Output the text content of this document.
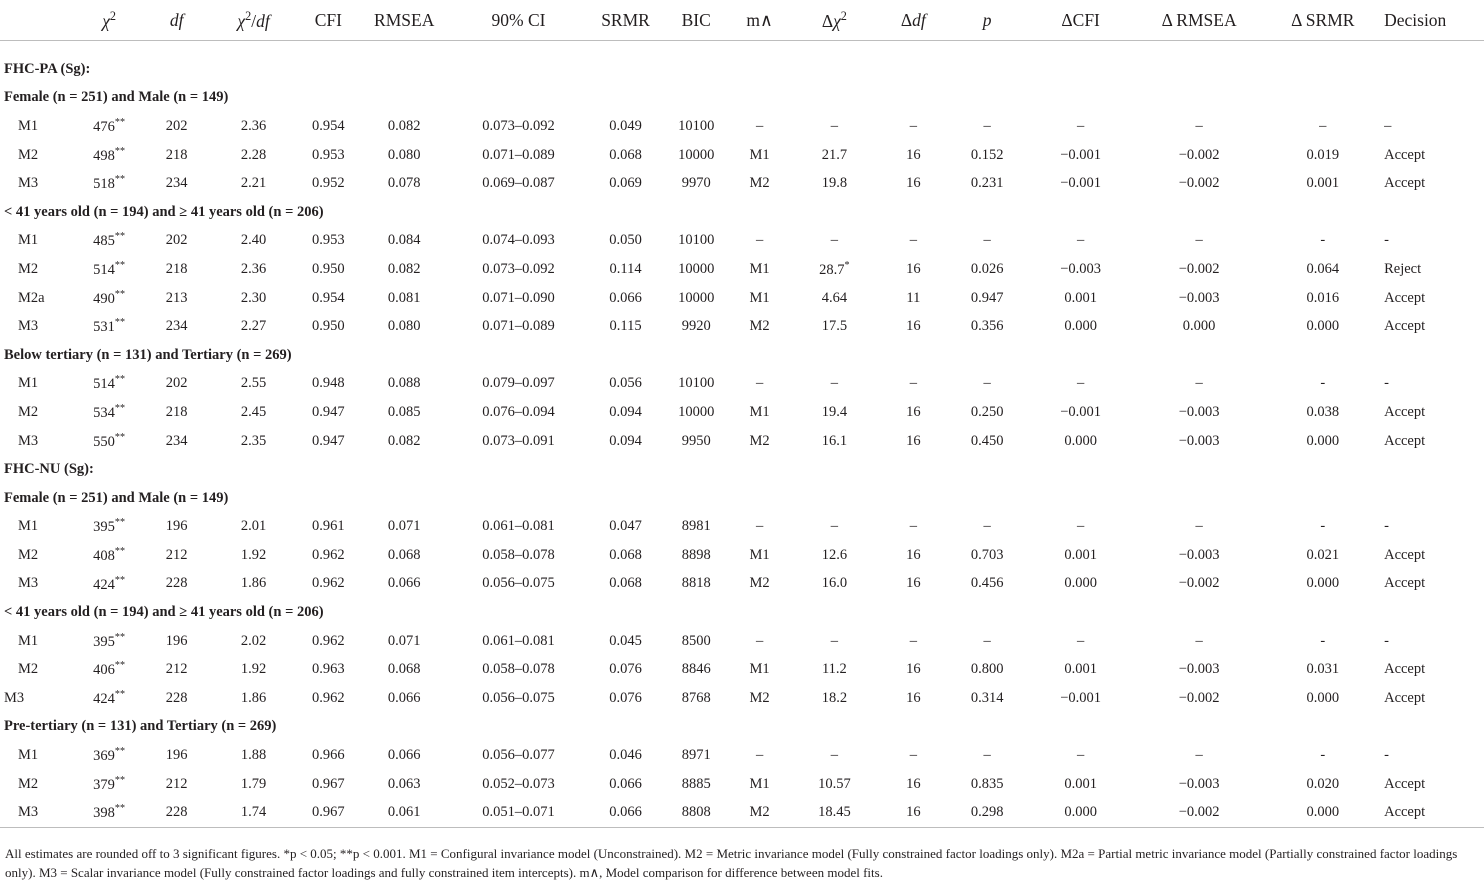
	$\chi^2$	df	$\chi^2/df$	CFI	RMSEA	90% CI	SRMR	BIC	m∧	$\Delta\chi^2$	Δdf	p	ΔCFI	Δ RMSEA	Δ SRMR	Decision

FHC-PA (Sg):																
Female (n = 251) and Male (n = 149)																
M1	476**	202	2.36	0.954	0.082	0.073–0.092	0.049	10100	–	–	–	–	–	–	–	–
M2	498**	218	2.28	0.953	0.080	0.071–0.089	0.068	10000	M1	21.7	16	0.152	−0.001	−0.002	0.019	Accept
M3	518**	234	2.21	0.952	0.078	0.069–0.087	0.069	9970	M2	19.8	16	0.231	−0.001	−0.002	0.001	Accept
< 41 years old (n = 194) and ≥ 41 years old (n = 206)																
M1	485**	202	2.40	0.953	0.084	0.074–0.093	0.050	10100	–	–	–	–	–	–	-	-
M2	514**	218	2.36	0.950	0.082	0.073–0.092	0.114	10000	M1	28.7*	16	0.026	−0.003	−0.002	0.064	Reject
M2a	490**	213	2.30	0.954	0.081	0.071–0.090	0.066	10000	M1	4.64	11	0.947	0.001	−0.003	0.016	Accept
M3	531**	234	2.27	0.950	0.080	0.071–0.089	0.115	9920	M2	17.5	16	0.356	0.000	0.000	0.000	Accept
Below tertiary (n = 131) and Tertiary (n = 269)																
M1	514**	202	2.55	0.948	0.088	0.079–0.097	0.056	10100	–	–	–	–	–	–	-	-
M2	534**	218	2.45	0.947	0.085	0.076–0.094	0.094	10000	M1	19.4	16	0.250	−0.001	−0.003	0.038	Accept
M3	550**	234	2.35	0.947	0.082	0.073–0.091	0.094	9950	M2	16.1	16	0.450	0.000	−0.003	0.000	Accept
FHC-NU (Sg):																
Female (n = 251) and Male (n = 149)																
M1	395**	196	2.01	0.961	0.071	0.061–0.081	0.047	8981	–	–	–	–	–	–	-	-
M2	408**	212	1.92	0.962	0.068	0.058–0.078	0.068	8898	M1	12.6	16	0.703	0.001	−0.003	0.021	Accept
M3	424**	228	1.86	0.962	0.066	0.056–0.075	0.068	8818	M2	16.0	16	0.456	0.000	−0.002	0.000	Accept
< 41 years old (n = 194) and ≥ 41 years old (n = 206)																
M1	395**	196	2.02	0.962	0.071	0.061–0.081	0.045	8500	–	–	–	–	–	–	-	-
M2	406**	212	1.92	0.963	0.068	0.058–0.078	0.076	8846	M1	11.2	16	0.800	0.001	−0.003	0.031	Accept
M3	424**	228	1.86	0.962	0.066	0.056–0.075	0.076	8768	M2	18.2	16	0.314	−0.001	−0.002	0.000	Accept
Pre-tertiary (n = 131) and Tertiary (n = 269)																
M1	369**	196	1.88	0.966	0.066	0.056–0.077	0.046	8971	–	–	–	–	–	–	-	-
M2	379**	212	1.79	0.967	0.063	0.052–0.073	0.066	8885	M1	10.57	16	0.835	0.001	−0.003	0.020	Accept
M3	398**	228	1.74	0.967	0.061	0.051–0.071	0.066	8808	M2	18.45	16	0.298	0.000	−0.002	0.000	Accept
All estimates are rounded off to 3 significant figures. *p < 0.05; **p < 0.001. M1 = Configural invariance model (Unconstrained). M2 = Metric invariance model (Fully constrained factor loadings only). M2a = Partial metric invariance model (Partially constrained factor loadings only). M3 = Scalar invariance model (Fully constrained factor loadings and fully constrained item intercepts). m∧, Model comparison for difference between model fits.
